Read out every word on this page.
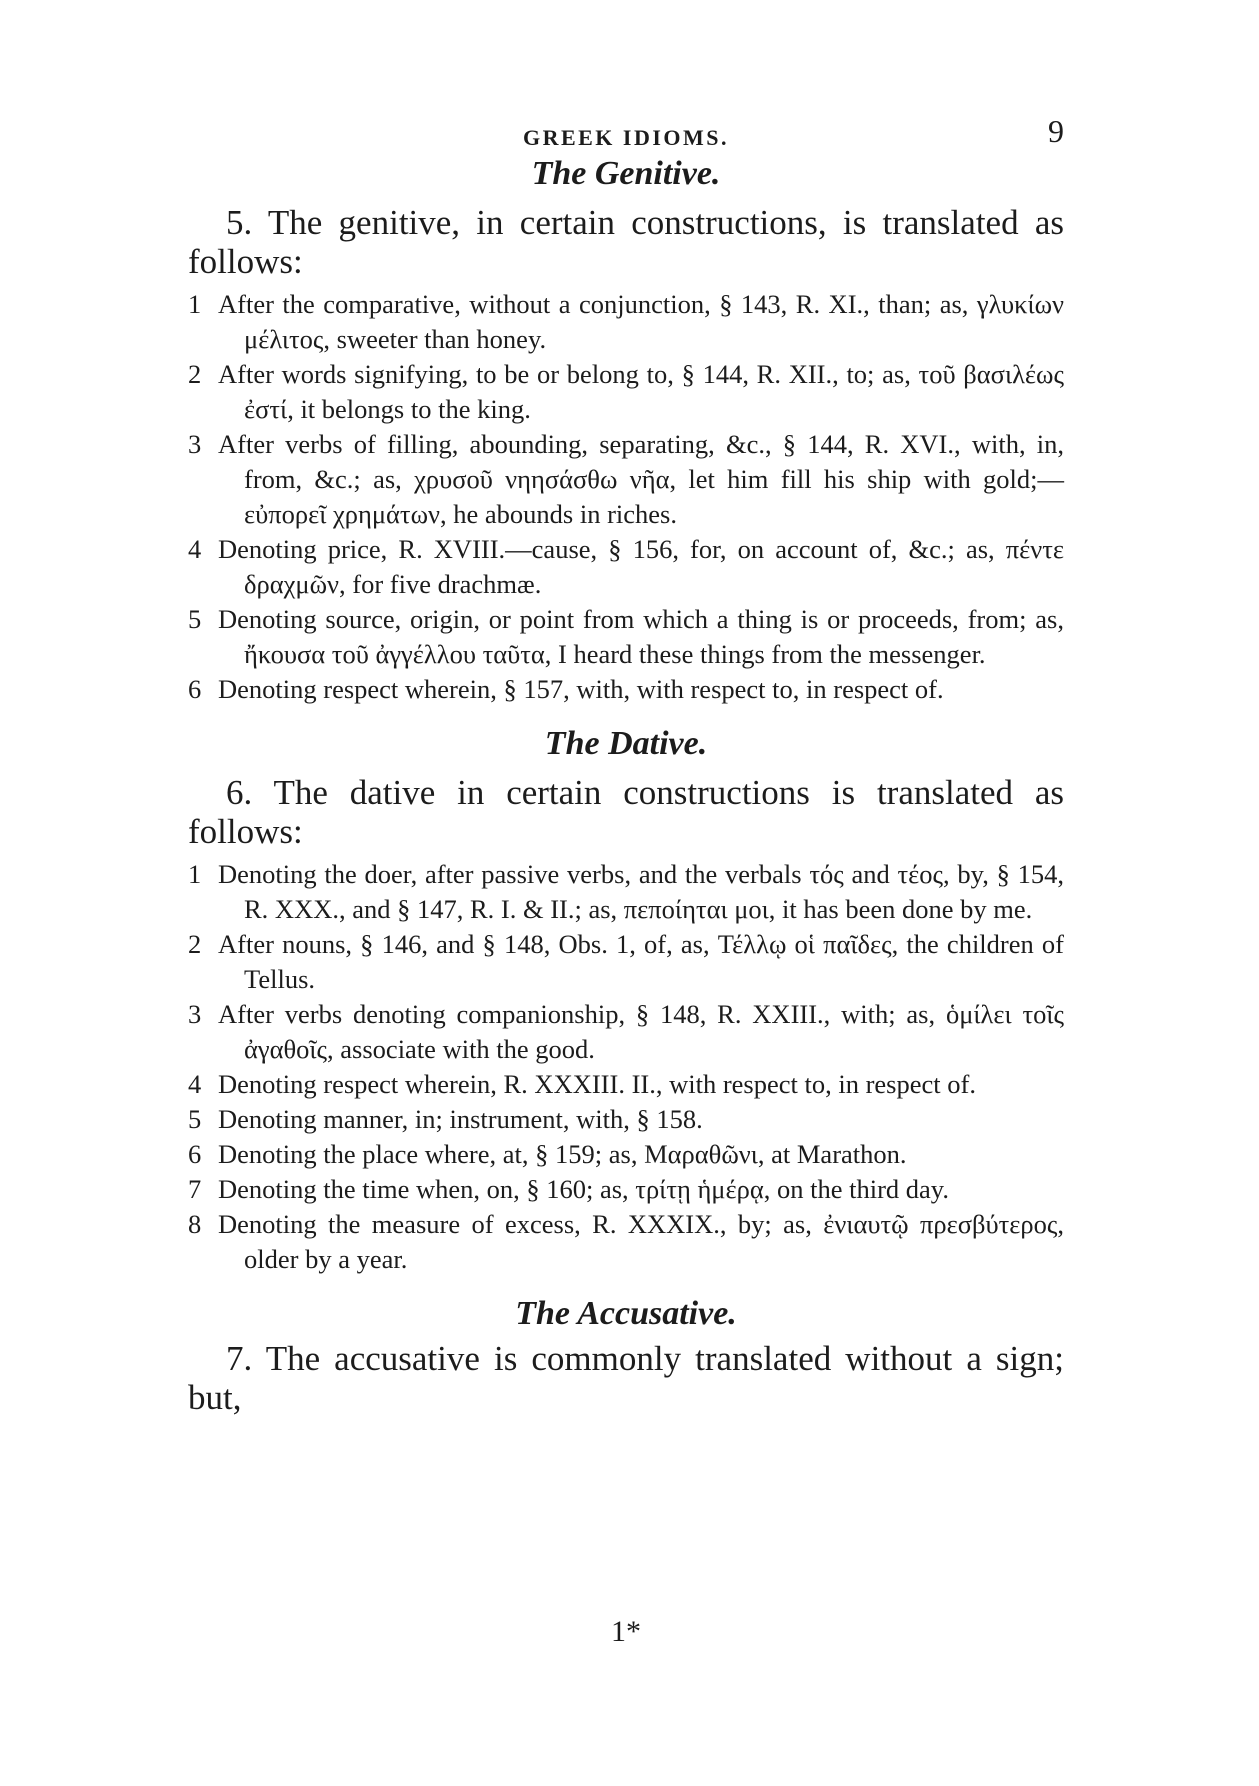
GREEK IDIOMS.	9
The Genitive.

5. The genitive, in certain constructions, is translated as follows:

1 After the comparative, without a conjunction, § 143, R. XI., than; as, γλυκίων μέλιτος, sweeter than honey.
2 After words signifying, to be or belong to, § 144, R. XII., to; as, τοῦ βασιλέως ἐστί, it belongs to the king.
3 After verbs of filling, abounding, separating, &c., § 144, R. XVI., with, in, from, &c.; as, χρυσοῦ νηησάσθω νῆα, let him fill his ship with gold;— εὐπορεῖ χρημάτων, he abounds in riches.
4 Denoting price, R. XVIII.—cause, § 156, for, on account of, &c.; as, πέντε δραχμῶν, for five drachmæ.
5 Denoting source, origin, or point from which a thing is or proceeds, from; as, ἤκουσα τοῦ ἀγγέλλου ταῦτα, I heard these things from the messenger.
6 Denoting respect wherein, § 157, with, with respect to, in respect of.
The Dative.

6. The dative in certain constructions is translated as follows:

1 Denoting the doer, after passive verbs, and the verbals τός and τέος, by, § 154, R. XXX., and § 147, R. I. & II.; as, πεποίηται μοι, it has been done by me.
2 After nouns, § 146, and § 148, Obs. 1, of, as, Τέλλῳ οἱ παῖδες, the children of Tellus.
3 After verbs denoting companionship, § 148, R. XXIII., with; as, ὁμίλει τοῖς ἀγαθοῖς, associate with the good.
4 Denoting respect wherein, R. XXXIII. II., with respect to, in respect of.
5 Denoting manner, in; instrument, with, § 158.
6 Denoting the place where, at, § 159; as, Μαραθῶνι, at Marathon.
7 Denoting the time when, on, § 160; as, τρίτῃ ἡμέρᾳ, on the third day.
8 Denoting the measure of excess, R. XXXIX., by; as, ἐνιαυτῷ πρεσβύτερος, older by a year.
The Accusative.

7. The accusative is commonly translated without a sign; but,

1*
